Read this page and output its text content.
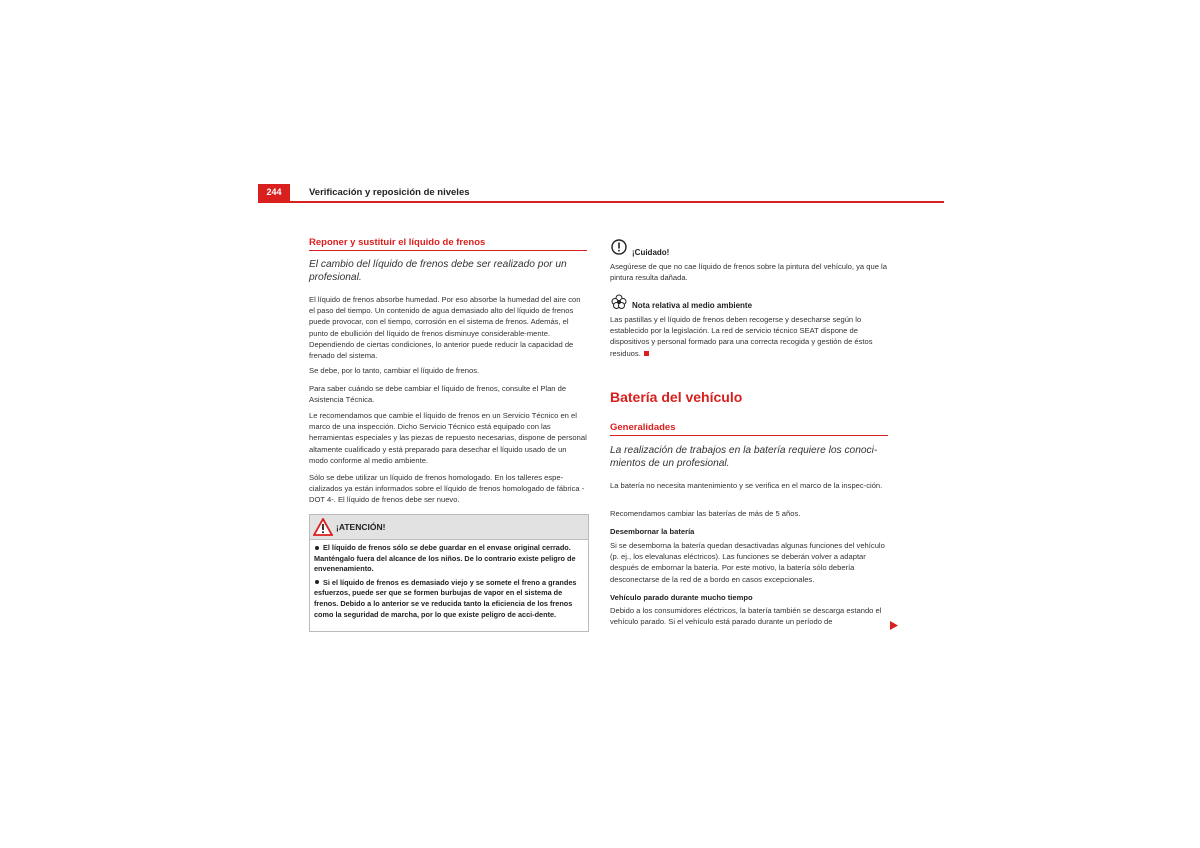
244	Verificación y reposición de niveles

Reponer y sustituir el líquido de frenos

El cambio del líquido de frenos debe ser realizado por un profesional.

El líquido de frenos absorbe humedad. Por eso absorbe la humedad del aire con el paso del tiempo. Un contenido de agua demasiado alto del líquido de frenos puede provocar, con el tiempo, corrosión en el sistema de frenos. Además, el punto de ebullición del líquido de frenos disminuye considerable-mente. Dependiendo de ciertas condiciones, lo anterior puede reducir la capacidad de frenado del sistema.

Se debe, por lo tanto, cambiar el líquido de frenos.

Para saber cuándo se debe cambiar el líquido de frenos, consulte el Plan de Asistencia Técnica.

Le recomendamos que cambie el líquido de frenos en un Servicio Técnico en el marco de una inspección. Dicho Servicio Técnico está equipado con las herramientas especiales y las piezas de repuesto necesarias, dispone de personal altamente cualificado y está preparado para desechar el líquido usado de un modo conforme al medio ambiente.

Sólo se debe utilizar un líquido de frenos homologado. En los talleres espe-cializados ya están informados sobre el líquido de frenos homologado de fábrica -DOT 4-. El líquido de frenos debe ser nuevo.

¡ATENCIÓN!

El líquido de frenos sólo se debe guardar en el envase original cerrado. Manténgalo fuera del alcance de los niños. De lo contrario existe peligro de envenenamiento.

Si el líquido de frenos es demasiado viejo y se somete el freno a grandes esfuerzos, puede ser que se formen burbujas de vapor en el sistema de frenos. Debido a lo anterior se ve reducida tanto la eficiencia de los frenos como la seguridad de marcha, por lo que existe peligro de acci-dente.

¡Cuidado!

Asegúrese de que no cae líquido de frenos sobre la pintura del vehículo, ya que la pintura resulta dañada.

Nota relativa al medio ambiente

Las pastillas y el líquido de frenos deben recogerse y desecharse según lo establecido por la legislación. La red de servicio técnico SEAT dispone de dispositivos y personal formado para una correcta recogida y gestión de éstos residuos.

Batería del vehículo

Generalidades

La realización de trabajos en la batería requiere los conoci-mientos de un profesional.

La batería no necesita mantenimiento y se verifica en el marco de la inspec-ción.

Recomendamos cambiar las baterías de más de 5 años.

Desembornar la batería

Si se desemborna la batería quedan desactivadas algunas funciones del vehículo (p. ej., los elevalunas eléctricos). Las funciones se deberán volver a adaptar después de embornar la batería. Por este motivo, la batería sólo debería desconectarse de la red de a bordo en casos excepcionales.

Vehículo parado durante mucho tiempo

Debido a los consumidores eléctricos, la batería también se descarga estando el vehículo parado. Si el vehículo está parado durante un período de
